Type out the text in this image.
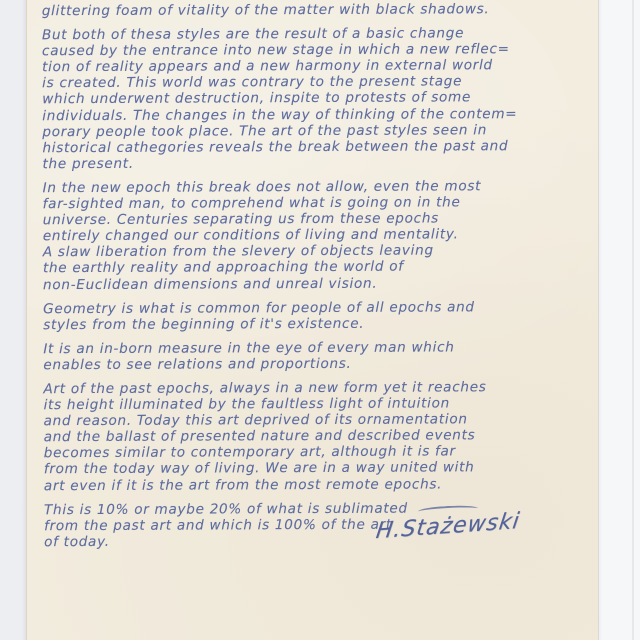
glittering foam of vitality of the matter with black shadows.
But both of thesa styles are the result of a basic change
caused by the entrance into new stage in which a new reflec=
tion of reality appears and a new harmony in external world
is created. This world was contrary to the present stage
which underwent destruction, inspite to protests of some
individuals. The changes in the way of thinking of the contem=
porary people took place. The art of the past styles seen in
historical cathegories reveals the break between the past and
the present.
In the new epoch this break does not allow, even the most
far-sighted man, to comprehend what is going on in the
universe. Centuries separating us from these epochs
entirely changed our conditions of living and mentality.
A slaw liberation from the slevery of objects leaving
the earthly reality and approaching the world of
non-Euclidean dimensions and unreal vision.
Geometry is what is common for people of all epochs and
styles from the beginning of it's existence.
It is an in-born measure in the eye of every man which
enables to see relations and proportions.
Art of the past epochs, always in a new form yet it reaches
its height illuminated by the faultless light of intuition
and reason. Today this art deprived of its ornamentation
and the ballast of presented nature and described events
becomes similar to contemporary art, although it is far
from the today way of living. We are in a way united with
art even if it is the art from the most remote epochs.
This is 10% or maybe 20% of what is sublimated
from the past art and which is 100% of the art
of today.	H.Stażewski
